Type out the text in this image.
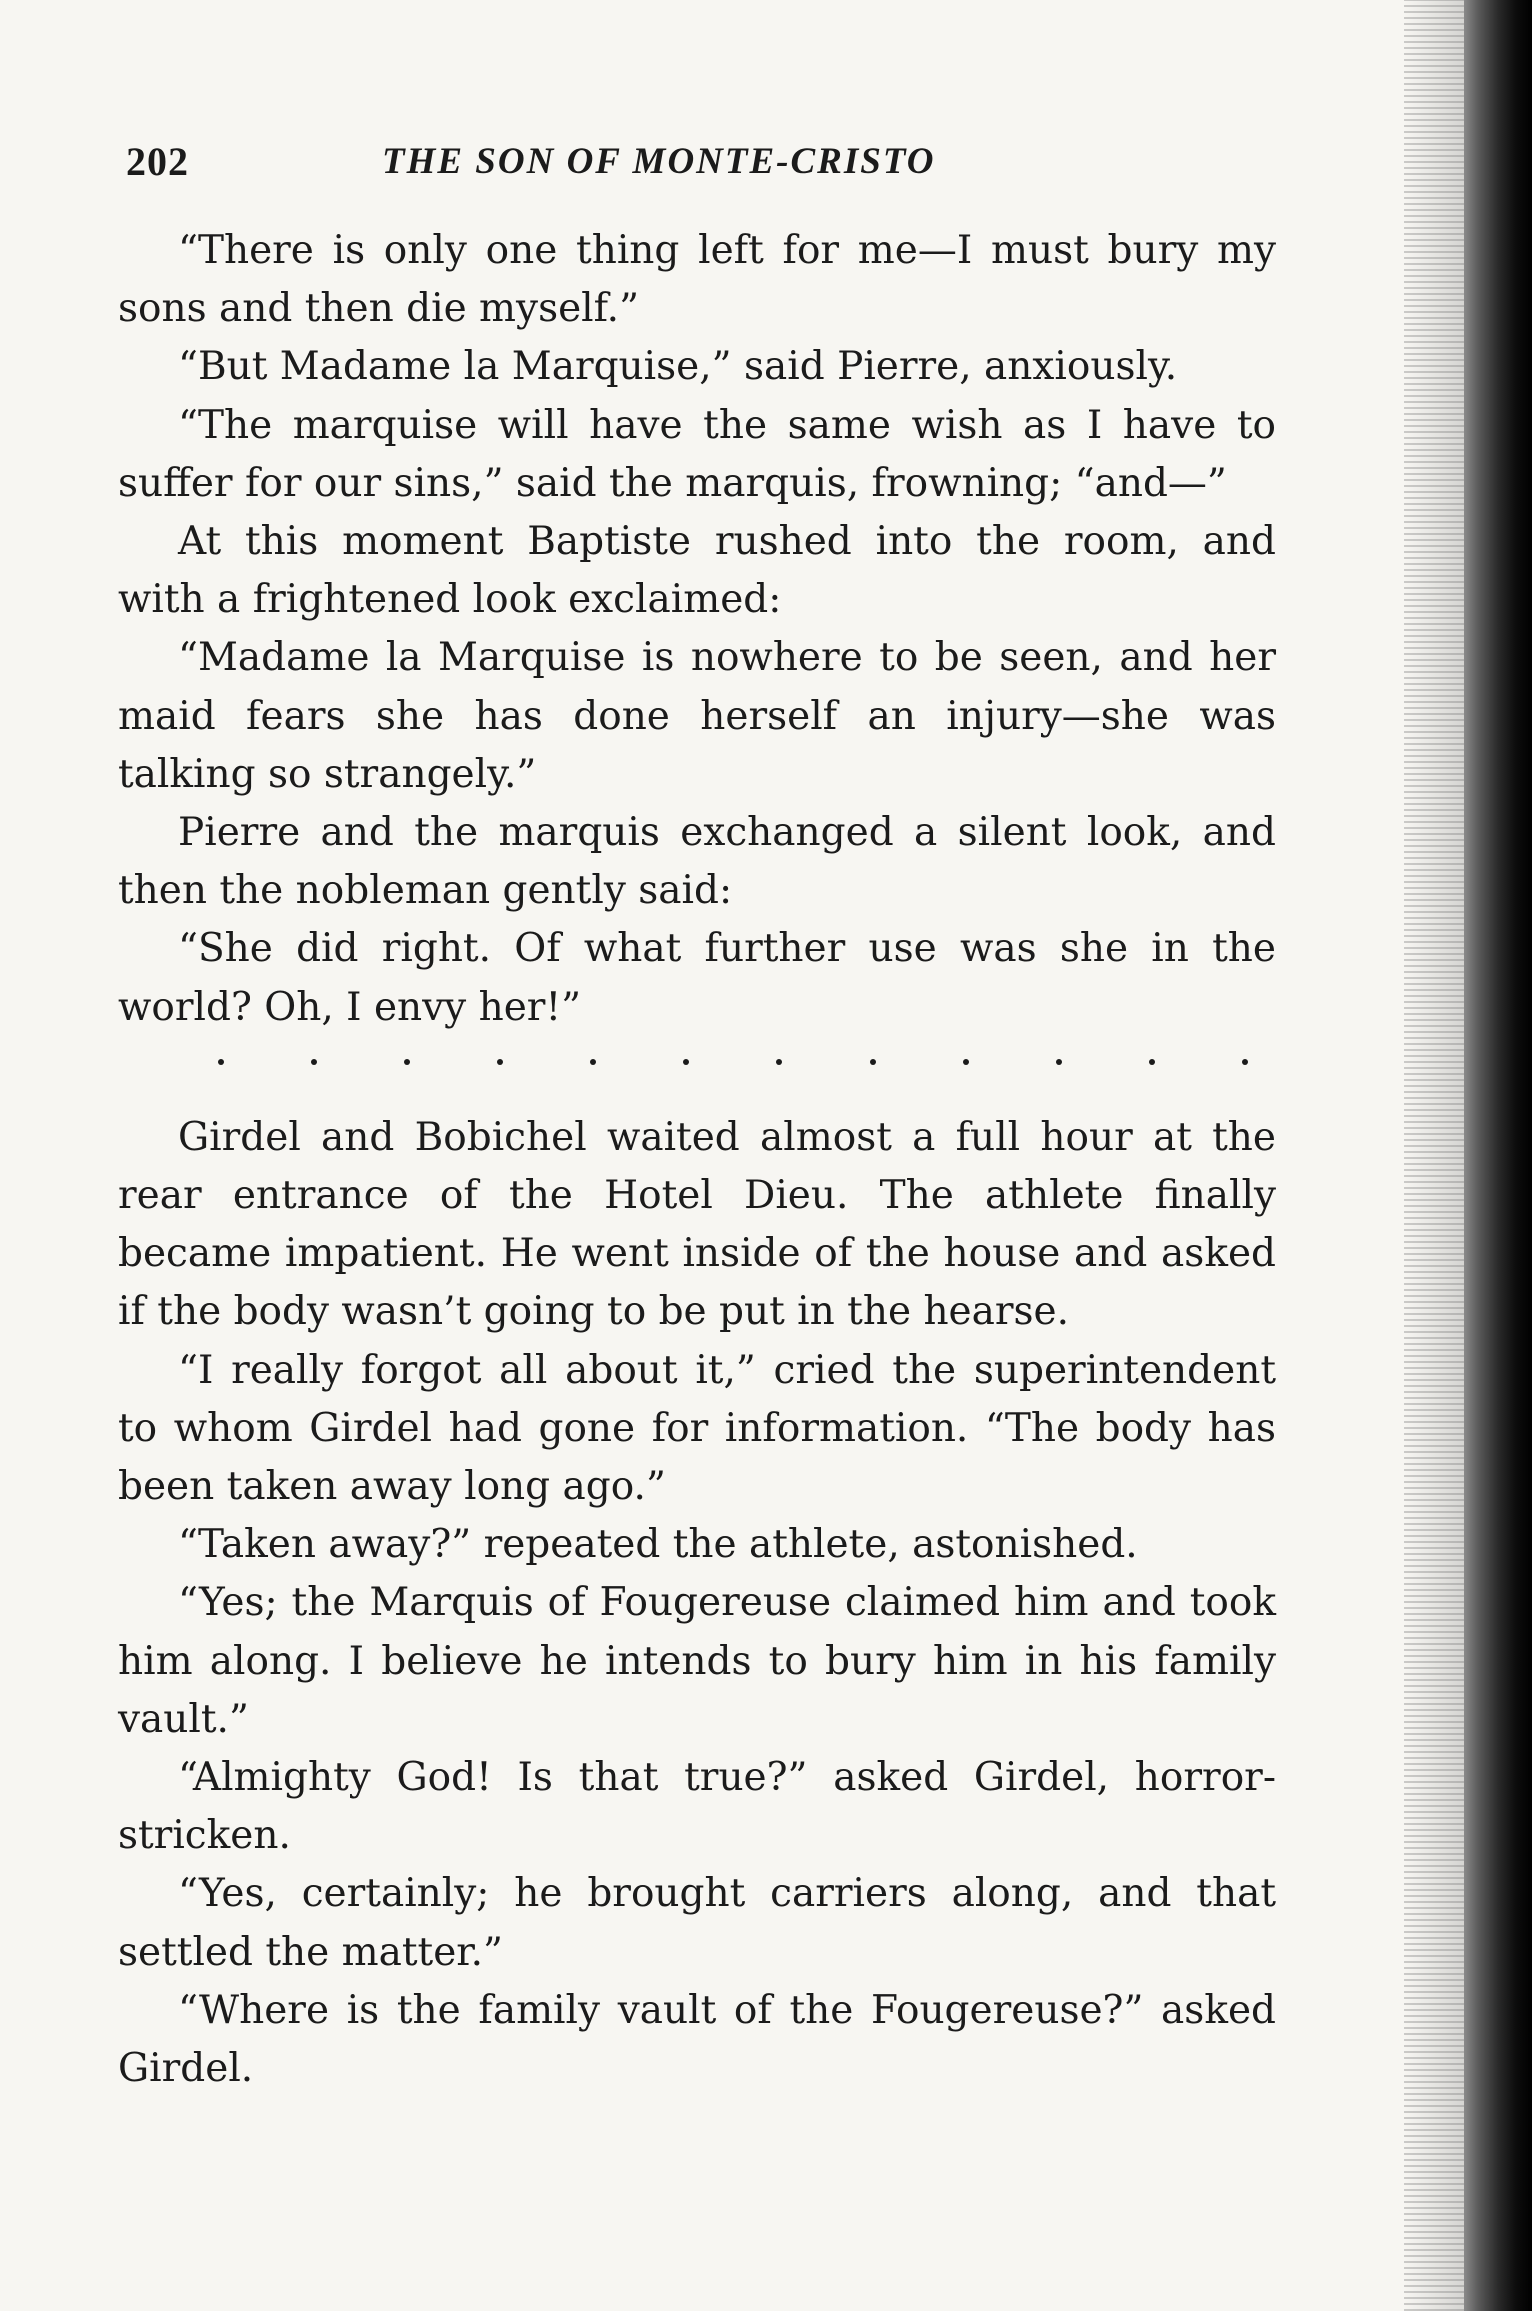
202	THE SON OF MONTE-CRISTO

“There is only one thing left for me—I must bury my sons and then die myself.”

“But Madame la Marquise,” said Pierre, anxiously.

“The marquise will have the same wish as I have to suffer for our sins,” said the marquis, frowning; “and—”

At this moment Baptiste rushed into the room, and with a frightened look exclaimed:

“Madame la Marquise is nowhere to be seen, and her maid fears she has done herself an injury—she was talking so strangely.”

Pierre and the marquis exchanged a silent look, and then the nobleman gently said:

“She did right. Of what further use was she in the world? Oh, I envy her!”

Girdel and Bobichel waited almost a full hour at the rear entrance of the Hotel Dieu. The athlete finally became impatient. He went inside of the house and asked if the body wasn’t going to be put in the hearse.

“I really forgot all about it,” cried the superintendent to whom Girdel had gone for information. “The body has been taken away long ago.”

“Taken away?” repeated the athlete, astonished.

“Yes; the Marquis of Fougereuse claimed him and took him along. I believe he intends to bury him in his family vault.”

“Almighty God! Is that true?” asked Girdel, horror-stricken.

“Yes, certainly; he brought carriers along, and that settled the matter.”

“Where is the family vault of the Fougereuse?” asked Girdel.
